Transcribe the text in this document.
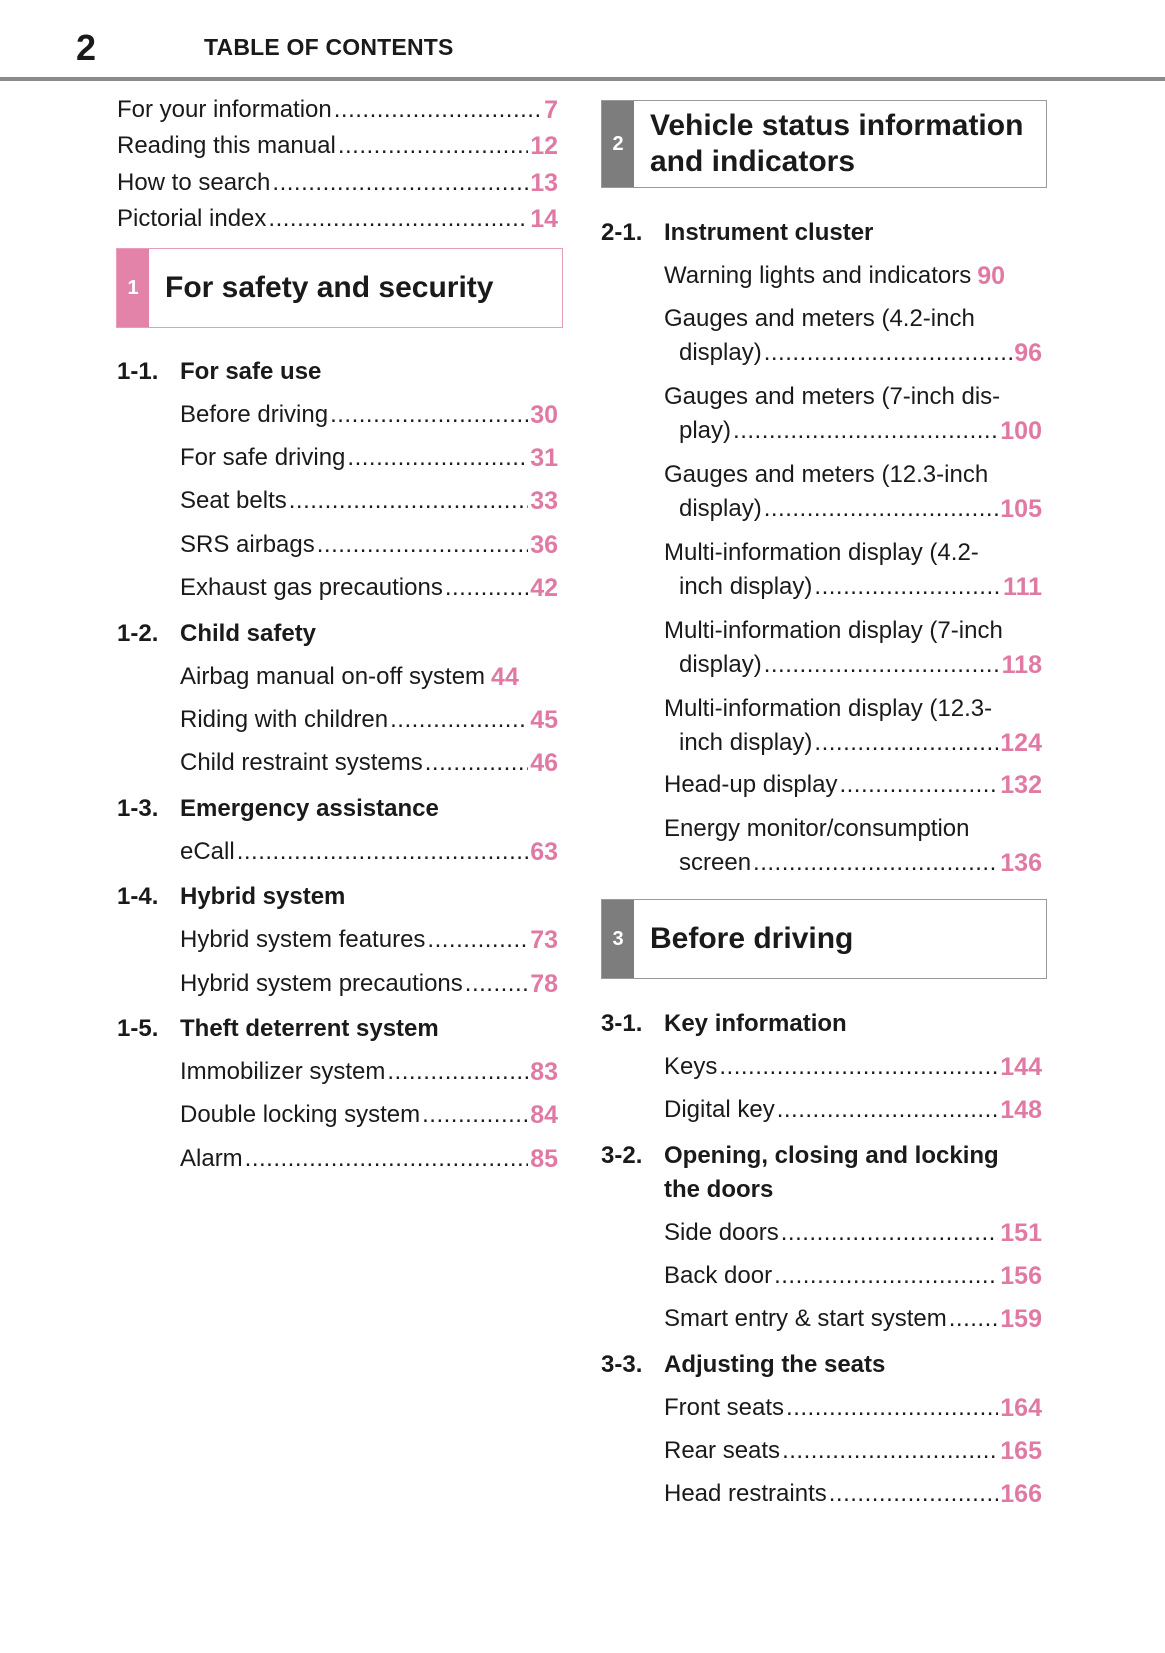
2	TABLE OF CONTENTS
For your information .....	7
Reading this manual .....	12
How to search .....	13
Pictorial index .....	14
1 For safety and security
1-1. For safe use
Before driving .....	30
For safe driving .....	31
Seat belts .....	33
SRS airbags .....	36
Exhaust gas precautions .....	42
1-2. Child safety
Airbag manual on-off system 44
Riding with children .....	45
Child restraint systems .....	46
1-3. Emergency assistance
eCall .....	63
1-4. Hybrid system
Hybrid system features .....	73
Hybrid system precautions .....	78
1-5. Theft deterrent system
Immobilizer system .....	83
Double locking system .....	84
Alarm .....	85
2
Vehicle status information
and indicators
2-1. Instrument cluster
Warning lights and indicators 90
Gauges and meters (4.2-inch
display) .....	96
Gauges and meters (7-inch dis-
play) .....	100
Gauges and meters (12.3-inch
display) .....	105
Multi-information display (4.2-
inch display) .....	111
Multi-information display (7-inch
display) .....	118
Multi-information display (12.3-
inch display) .....	124
Head-up display .....	132
Energy monitor/consumption
screen .....	136
3 Before driving
3-1. Key information
Keys .....	144
Digital key .....	148
3-2. Opening, closing and locking
the doors
Side doors .....	151
Back door .....	156
Smart entry & start system ..... 159
3-3. Adjusting the seats
Front seats .....	164
Rear seats .....	165
Head restraints .....	166
